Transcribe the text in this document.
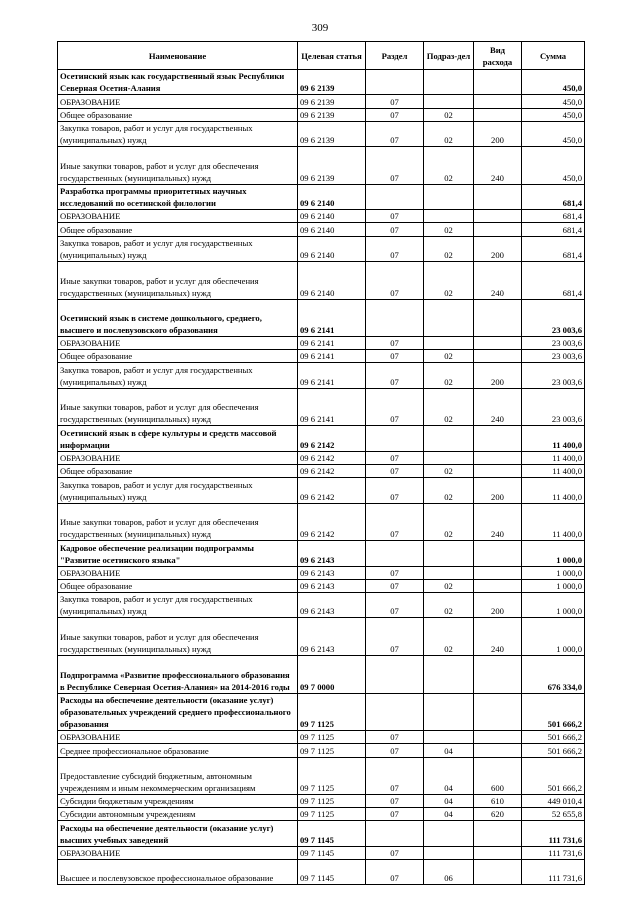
309
Наименование	Целевая статья	Раздел	Подраз-дел	Вид расхода	Сумма
Осетинский язык как государственный язык Республики Северная Осетия-Алания	09 6 2139				450,0
ОБРАЗОВАНИЕ	09 6 2139	07			450,0
Общее образование	09 6 2139	07	02		450,0
Закупка товаров, работ и услуг для государственных (муниципальных) нужд	09 6 2139	07	02	200	450,0
Иные закупки товаров, работ и услуг для обеспечения государственных (муниципальных) нужд	09 6 2139	07	02	240	450,0
Разработка программы приоритетных научных исследований по осетинской филологии	09 6 2140				681,4
ОБРАЗОВАНИЕ	09 6 2140	07			681,4
Общее образование	09 6 2140	07	02		681,4
Закупка товаров, работ и услуг для государственных (муниципальных) нужд	09 6 2140	07	02	200	681,4
Иные закупки товаров, работ и услуг для обеспечения государственных (муниципальных) нужд	09 6 2140	07	02	240	681,4
Осетинский язык в системе дошкольного, среднего, высшего и послевузовского образования	09 6 2141				23 003,6
ОБРАЗОВАНИЕ	09 6 2141	07			23 003,6
Общее образование	09 6 2141	07	02		23 003,6
Закупка товаров, работ и услуг для государственных (муниципальных) нужд	09 6 2141	07	02	200	23 003,6
Иные закупки товаров, работ и услуг для обеспечения государственных (муниципальных) нужд	09 6 2141	07	02	240	23 003,6
Осетинский язык в сфере культуры и средств массовой информации	09 6 2142				11 400,0
ОБРАЗОВАНИЕ	09 6 2142	07			11 400,0
Общее образование	09 6 2142	07	02		11 400,0
Закупка товаров, работ и услуг для государственных (муниципальных) нужд	09 6 2142	07	02	200	11 400,0
Иные закупки товаров, работ и услуг для обеспечения государственных (муниципальных) нужд	09 6 2142	07	02	240	11 400,0
Кадровое обеспечение реализации подпрограммы "Развитие осетинского языка"	09 6 2143				1 000,0
ОБРАЗОВАНИЕ	09 6 2143	07			1 000,0
Общее образование	09 6 2143	07	02		1 000,0
Закупка товаров, работ и услуг для государственных (муниципальных) нужд	09 6 2143	07	02	200	1 000,0
Иные закупки товаров, работ и услуг для обеспечения государственных (муниципальных) нужд	09 6 2143	07	02	240	1 000,0
Подпрограмма «Развитие профессионального образования в Республике Северная Осетия-Алания» на 2014-2016 годы	09 7 0000				676 334,0
Расходы на обеспечение деятельности (оказание услуг) образовательных учреждений среднего профессионального образования	09 7 1125				501 666,2
ОБРАЗОВАНИЕ	09 7 1125	07			501 666,2
Среднее профессиональное образование	09 7 1125	07	04		501 666,2
Предоставление субсидий бюджетным, автономным учреждениям и иным некоммерческим организациям	09 7 1125	07	04	600	501 666,2
Субсидии бюджетным учреждениям	09 7 1125	07	04	610	449 010,4
Субсидии автономным учреждениям	09 7 1125	07	04	620	52 655,8
Расходы на обеспечение деятельности (оказание услуг) высших учебных заведений	09 7 1145				111 731,6
ОБРАЗОВАНИЕ	09 7 1145	07			111 731,6
Высшее и послевузовское профессиональное образование	09 7 1145	07	06		111 731,6
